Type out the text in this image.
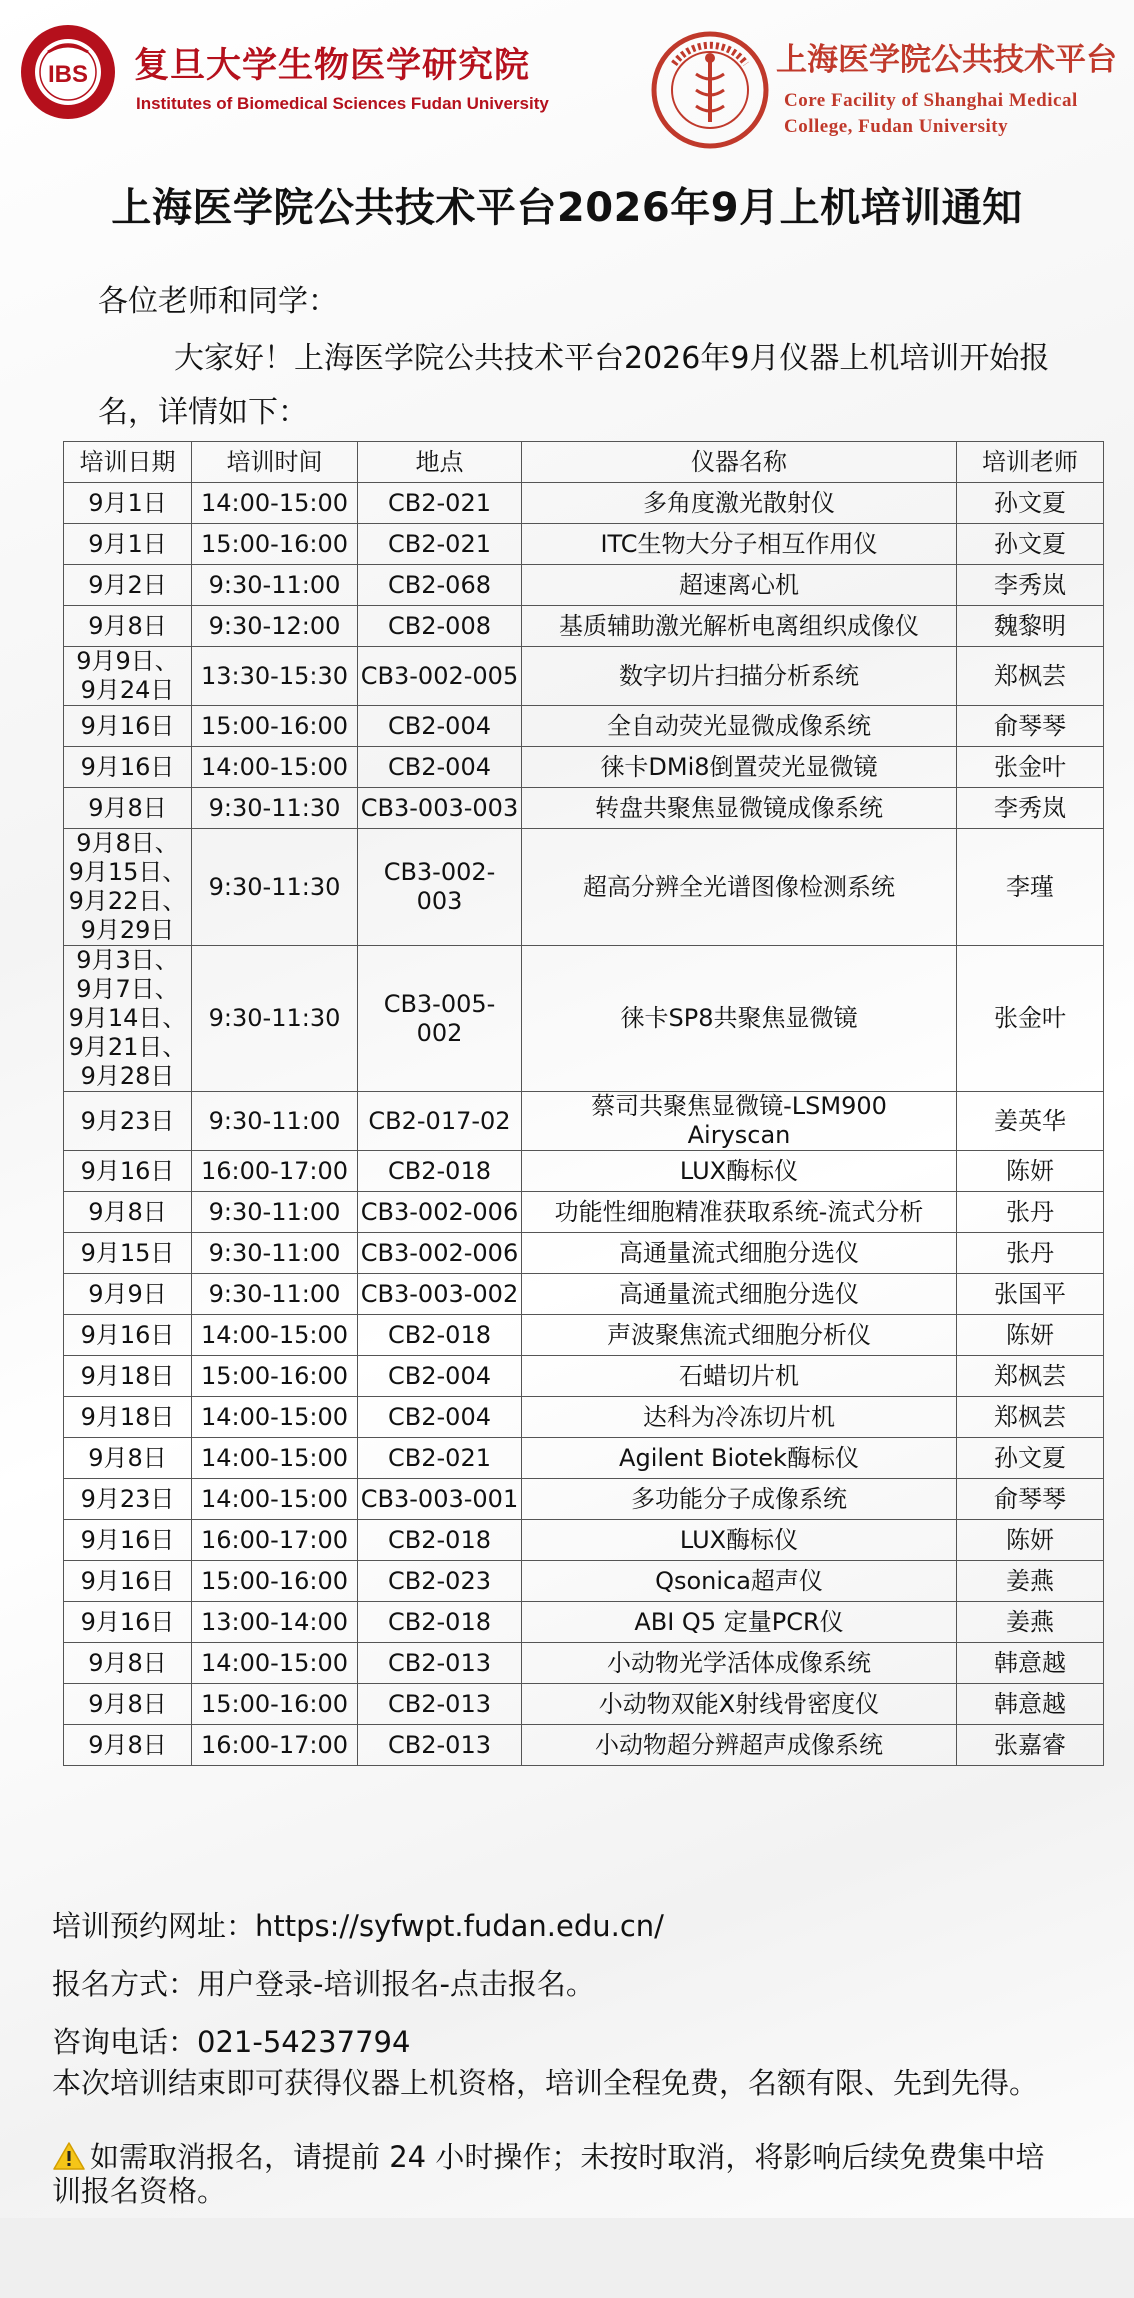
IBS 复旦大学生物医学研究院
Institutes of Biomedical Sciences Fudan University
上海医学院公共技术平台
Core Facility of Shanghai Medical College, Fudan University
上海医学院公共技术平台2026年9月上机培训通知
各位老师和同学：
大家好！上海医学院公共技术平台2026年9月仪器上机培训开始报名，详情如下：
培训日期	培训时间	地点	仪器名称	培训老师
9月1日	14:00-15:00	CB2-021	多角度激光散射仪	孙文夏
9月1日	15:00-16:00	CB2-021	ITC生物大分子相互作用仪	孙文夏
9月2日	9:30-11:00	CB2-068	超速离心机	李秀岚
9月8日	9:30-12:00	CB2-008	基质辅助激光解析电离组织成像仪	魏黎明
9月9日、
9月24日	13:30-15:30	CB3-002-005	数字切片扫描分析系统	郑枫芸
9月16日	15:00-16:00	CB2-004	全自动荧光显微成像系统	俞琴琴
9月16日	14:00-15:00	CB2-004	徕卡DMi8倒置荧光显微镜	张金叶
9月8日	9:30-11:30	CB3-003-003	转盘共聚焦显微镜成像系统	李秀岚
9月8日、
9月15日、
9月22日、
9月29日	9:30-11:30	CB3-002-
003	超高分辨全光谱图像检测系统	李瑾
9月3日、
9月7日、
9月14日、
9月21日、
9月28日	9:30-11:30	CB3-005-
002	徕卡SP8共聚焦显微镜	张金叶
9月23日	9:30-11:00	CB2-017-02	蔡司共聚焦显微镜-LSM900
Airyscan	姜英华
9月16日	16:00-17:00	CB2-018	LUX酶标仪	陈妍
9月8日	9:30-11:00	CB3-002-006	功能性细胞精准获取系统-流式分析	张丹
9月15日	9:30-11:00	CB3-002-006	高通量流式细胞分选仪	张丹
9月9日	9:30-11:00	CB3-003-002	高通量流式细胞分选仪	张国平
9月16日	14:00-15:00	CB2-018	声波聚焦流式细胞分析仪	陈妍
9月18日	15:00-16:00	CB2-004	石蜡切片机	郑枫芸
9月18日	14:00-15:00	CB2-004	达科为冷冻切片机	郑枫芸
9月8日	14:00-15:00	CB2-021	Agilent Biotek酶标仪	孙文夏
9月23日	14:00-15:00	CB3-003-001	多功能分子成像系统	俞琴琴
9月16日	16:00-17:00	CB2-018	LUX酶标仪	陈妍
9月16日	15:00-16:00	CB2-023	Qsonica超声仪	姜燕
9月16日	13:00-14:00	CB2-018	ABI Q5 定量PCR仪	姜燕
9月8日	14:00-15:00	CB2-013	小动物光学活体成像系统	韩意越
9月8日	15:00-16:00	CB2-013	小动物双能X射线骨密度仪	韩意越
9月8日	16:00-17:00	CB2-013	小动物超分辨超声成像系统	张嘉睿
培训预约网址：https://syfwpt.fudan.edu.cn/
报名方式：用户登录-培训报名-点击报名。
咨询电话：021-54237794
本次培训结束即可获得仪器上机资格，培训全程免费，名额有限、先到先得。
如需取消报名，请提前 24 小时操作；未按时取消，将影响后续免费集中培训报名资格。
